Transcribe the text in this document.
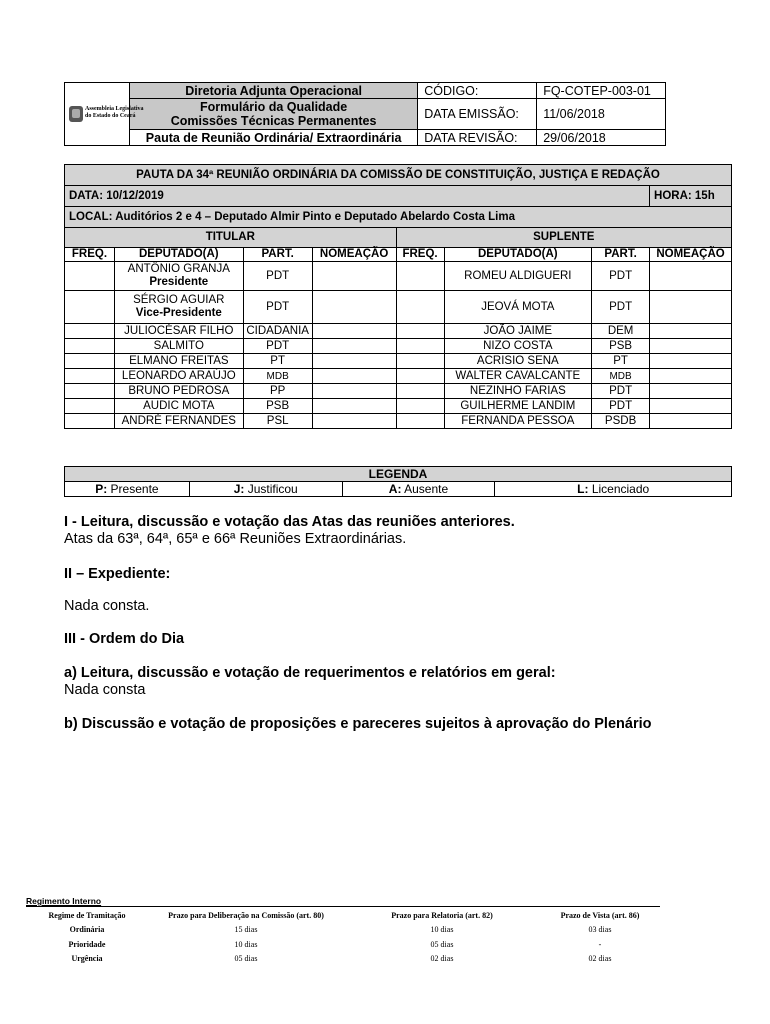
Assembleia Legislativa
do Estado do Ceará	Diretoria Adjunta Operacional	CÓDIGO:	FQ-COTEP-003-01

	Formulário da Qualidade
Comissões Técnicas Permanentes	DATA EMISSÃO:	11/06/2018
	Pauta de Reunião Ordinária/ Extraordinária	DATA REVISÃO:	29/06/2018
PAUTA DA 34ª REUNIÃO ORDINÁRIA DA COMISSÃO DE CONSTITUIÇÃO, JUSTIÇA E REDAÇÃO							
DATA: 10/12/2019							HORA: 15h
LOCAL: Auditórios 2 e 4 – Deputado Almir Pinto e Deputado Abelardo Costa Lima							
TITULAR				SUPLENTE			
FREQ.	DEPUTADO(A)	PART.	NOMEAÇÃO	FREQ.	DEPUTADO(A)	PART.	NOMEAÇÃO

	ANTÔNIO GRANJA
Presidente	PDT			ROMEU ALDIGUERI	PDT	

	SÉRGIO AGUIAR
Vice-Presidente	PDT			JEOVÁ MOTA	PDT	
	JULIOCÉSAR FILHO	CIDADANIA			JOÃO JAIME	DEM	
	SALMITO	PDT			NIZO COSTA	PSB	
	ELMANO FREITAS	PT			ACRISIO SENA	PT	
	LEONARDO ARAÚJO	MDB			WALTER CAVALCANTE	MDB	
	BRUNO PEDROSA	PP			NEZINHO FARIAS	PDT	
	AUDIC MOTA	PSB			GUILHERME LANDIM	PDT	
	ANDRÉ FERNANDES	PSL			FERNANDA PESSOA	PSDB	
LEGENDA
P: Presente	J: Justificou	A: Ausente	L: Licenciado
I - Leitura, discussão e votação das Atas das reuniões anteriores.
Atas da 63ª, 64ª, 65ª e 66ª Reuniões Extraordinárias.
II – Expediente:
Nada consta.
III - Ordem do Dia
a) Leitura, discussão e votação de requerimentos e relatórios em geral:
Nada consta
b) Discussão e votação de proposições e pareceres sujeitos à aprovação do Plenário
Regimento Interno
Regime de Tramitação	Prazo para Deliberação na Comissão (art. 80)	Prazo para Relatoria (art. 82)	Prazo de Vista (art. 86)
Ordinária	15 dias	10 dias	03 dias
Prioridade	10 dias	05 dias	-
Urgência	05 dias	02 dias	02 dias
